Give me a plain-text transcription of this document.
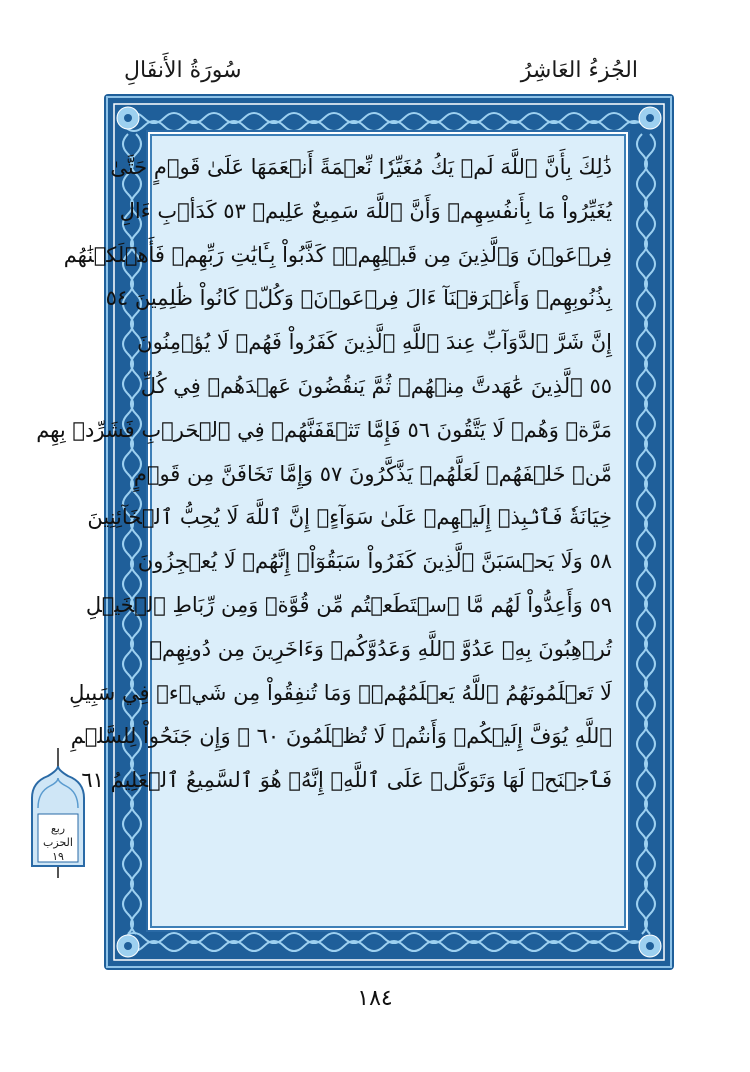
سُورَةُ الأَنفَالِ	الجُزءُ العَاشِرُ
ذَٰلِكَ بِأَنَّ ٱللَّهَ لَمۡ يَكُ مُغَيِّرٗا نِّعۡمَةً أَنۡعَمَهَا عَلَىٰ قَوۡمٍ حَتَّىٰ
يُغَيِّرُواْ مَا بِأَنفُسِهِمۡ وَأَنَّ ٱللَّهَ سَمِيعٌ عَلِيمٞ ٥٣ كَدَأۡبِ ءَالِ
فِرۡعَوۡنَ وَٱلَّذِينَ مِن قَبۡلِهِمۡۚ كَذَّبُواْ بِـَٔايَٰتِ رَبِّهِمۡ فَأَهۡلَكۡنَٰهُم
بِذُنُوبِهِمۡ وَأَغۡرَقۡنَآ ءَالَ فِرۡعَوۡنَۚ وَكُلّٞ كَانُواْ ظَٰلِمِينَ ٥٤
إِنَّ شَرَّ ٱلدَّوَآبِّ عِندَ ٱللَّهِ ٱلَّذِينَ كَفَرُواْ فَهُمۡ لَا يُؤۡمِنُونَ
٥٥ ٱلَّذِينَ عَٰهَدتَّ مِنۡهُمۡ ثُمَّ يَنقُضُونَ عَهۡدَهُمۡ فِي كُلِّ
مَرَّةٖ وَهُمۡ لَا يَتَّقُونَ ٥٦ فَإِمَّا تَثۡقَفَنَّهُمۡ فِي ٱلۡحَرۡبِ فَشَرِّدۡ بِهِم
مَّنۡ خَلۡفَهُمۡ لَعَلَّهُمۡ يَذَّكَّرُونَ ٥٧ وَإِمَّا تَخَافَنَّ مِن قَوۡمٍ
خِيَانَةٗ فَٱنۢبِذۡ إِلَيۡهِمۡ عَلَىٰ سَوَآءٍۚ إِنَّ ٱللَّهَ لَا يُحِبُّ ٱلۡخَآئِنِينَ
٥٨ وَلَا يَحۡسَبَنَّ ٱلَّذِينَ كَفَرُواْ سَبَقُوٓاْۚ إِنَّهُمۡ لَا يُعۡجِزُونَ
٥٩ وَأَعِدُّواْ لَهُم مَّا ٱسۡتَطَعۡتُم مِّن قُوَّةٖ وَمِن رِّبَاطِ ٱلۡخَيۡلِ
تُرۡهِبُونَ بِهِۦ عَدُوَّ ٱللَّهِ وَعَدُوَّكُمۡ وَءَاخَرِينَ مِن دُونِهِمۡ
لَا تَعۡلَمُونَهُمُ ٱللَّهُ يَعۡلَمُهُمۡۚ وَمَا تُنفِقُواْ مِن شَيۡءٖ فِي سَبِيلِ
ٱللَّهِ يُوَفَّ إِلَيۡكُمۡ وَأَنتُمۡ لَا تُظۡلَمُونَ ٦٠ ۞ وَإِن جَنَحُواْ لِلسَّلۡمِ
فَٱجۡنَحۡ لَهَا وَتَوَكَّلۡ عَلَى ٱللَّهِۚ إِنَّهُۥ هُوَ ٱلسَّمِيعُ ٱلۡعَلِيمُ ٦١
ربع
الحزب
١٩
١٨٤
